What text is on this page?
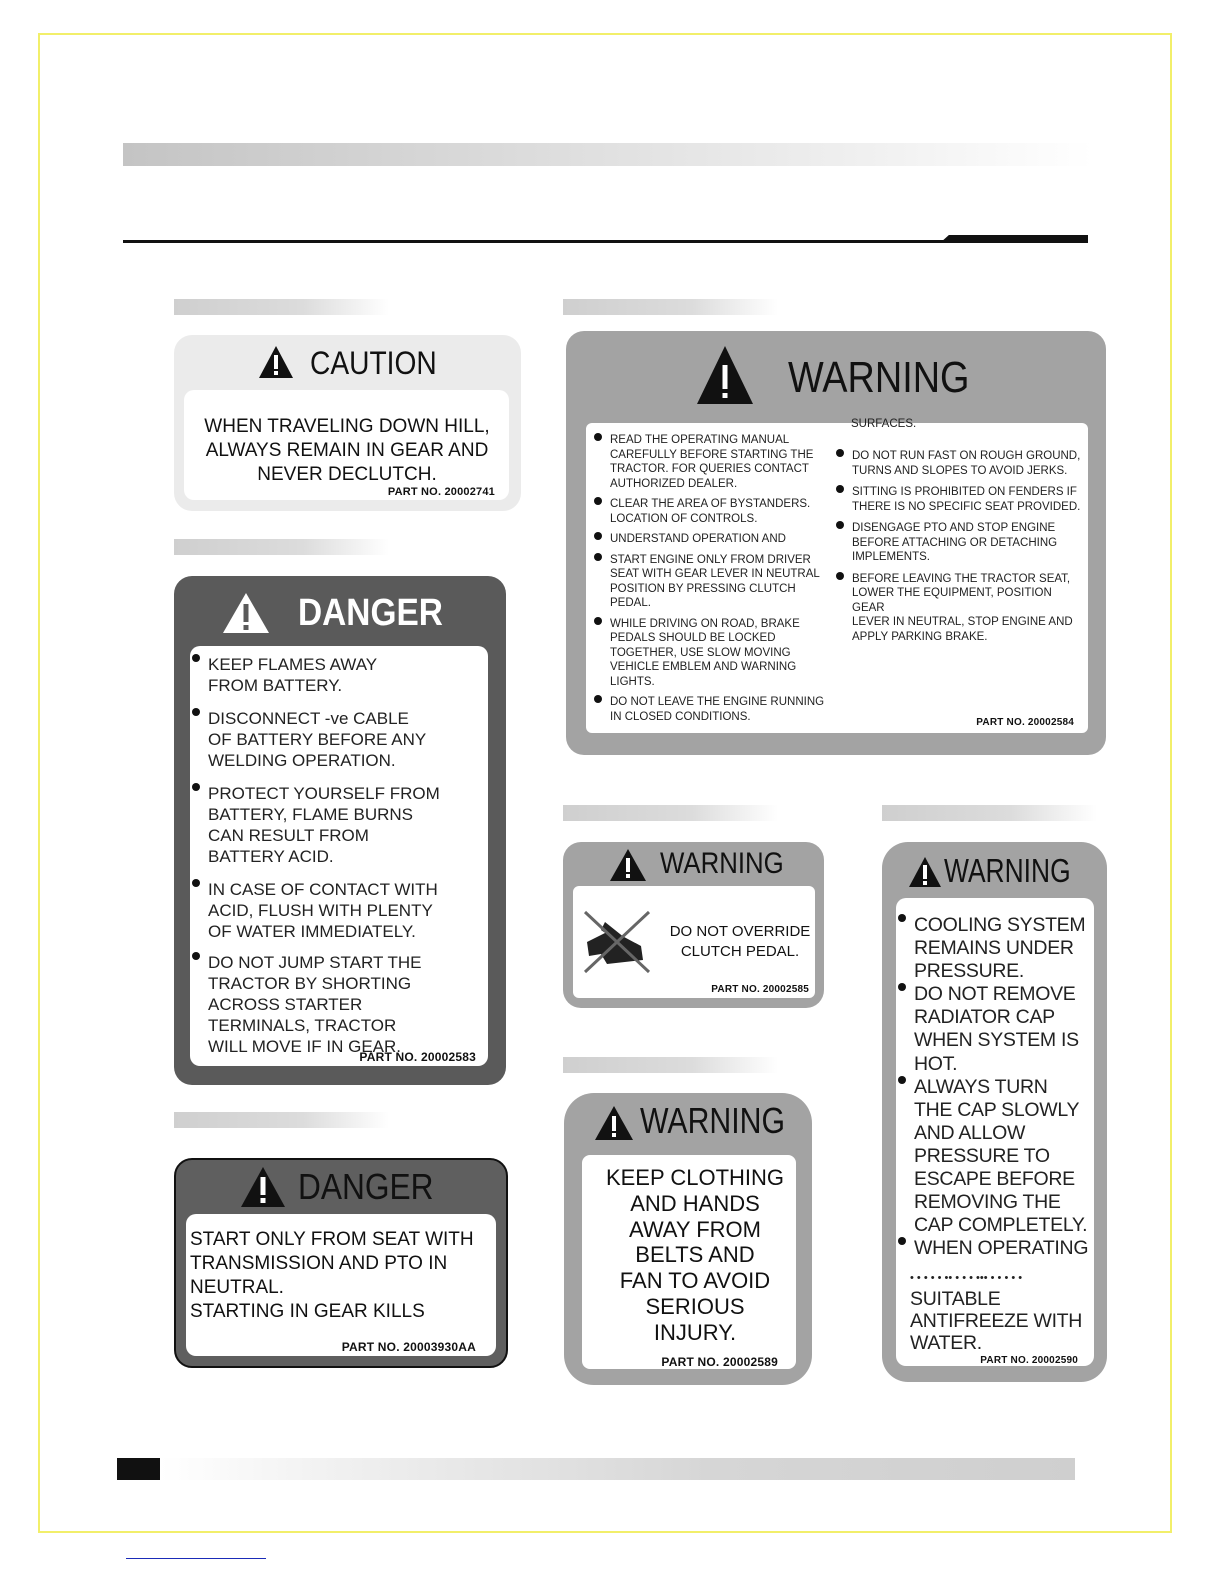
CAUTION
WHEN TRAVELING DOWN HILL,
ALWAYS REMAIN IN GEAR AND
NEVER DECLUTCH.
PART NO. 20002741
DANGER
KEEP FLAMES AWAY
FROM BATTERY.
DISCONNECT -ve CABLE
OF BATTERY BEFORE ANY
WELDING OPERATION.
PROTECT YOURSELF FROM
BATTERY, FLAME BURNS
CAN RESULT FROM
BATTERY ACID.
IN CASE OF CONTACT WITH
ACID, FLUSH WITH PLENTY
OF WATER IMMEDIATELY.
DO NOT JUMP START THE
TRACTOR BY SHORTING
ACROSS STARTER
TERMINALS, TRACTOR
WILL MOVE IF IN GEAR.
PART NO. 20002583
DANGER
START ONLY FROM SEAT WITH
TRANSMISSION AND PTO IN
NEUTRAL.
STARTING IN GEAR KILLS
PART NO. 20003930AA
WARNING
READ THE OPERATING MANUAL
CAREFULLY BEFORE STARTING THE
TRACTOR. FOR QUERIES CONTACT
AUTHORIZED DEALER.
CLEAR THE AREA OF BYSTANDERS.
LOCATION OF CONTROLS.
UNDERSTAND OPERATION AND
START ENGINE ONLY FROM DRIVER
SEAT WITH GEAR LEVER IN NEUTRAL
POSITION BY PRESSING CLUTCH
PEDAL.
WHILE DRIVING ON ROAD, BRAKE
PEDALS SHOULD BE LOCKED
TOGETHER, USE SLOW MOVING
VEHICLE EMBLEM AND WARNING
LIGHTS.
DO NOT LEAVE THE ENGINE RUNNING
IN CLOSED CONDITIONS.
SURFACES.
DO NOT RUN FAST ON ROUGH GROUND,
TURNS AND SLOPES TO AVOID JERKS.
SITTING IS PROHIBITED ON FENDERS IF
THERE IS NO SPECIFIC SEAT PROVIDED.
DISENGAGE PTO AND STOP ENGINE
BEFORE ATTACHING OR DETACHING
IMPLEMENTS.
BEFORE LEAVING THE TRACTOR SEAT,
LOWER THE EQUIPMENT, POSITION GEAR
LEVER IN NEUTRAL, STOP ENGINE AND
APPLY PARKING BRAKE.
PART NO. 20002584
WARNING
DO NOT OVERRIDE
CLUTCH PEDAL.
PART NO. 20002585
WARNING
KEEP CLOTHING
AND HANDS
AWAY FROM
BELTS AND
FAN TO AVOID
SERIOUS
INJURY.
PART NO. 20002589
WARNING
COOLING SYSTEM
REMAINS UNDER
PRESSURE.
DO NOT REMOVE
RADIATOR CAP
WHEN SYSTEM IS
HOT.
ALWAYS TURN
THE CAP SLOWLY
AND ALLOW
PRESSURE TO
ESCAPE BEFORE
REMOVING THE
CAP COMPLETELY.
WHEN OPERATING
• • • • • •• • • • ••• • • • • •
SUITABLE
ANTIFREEZE WITH
WATER.
PART NO. 20002590
